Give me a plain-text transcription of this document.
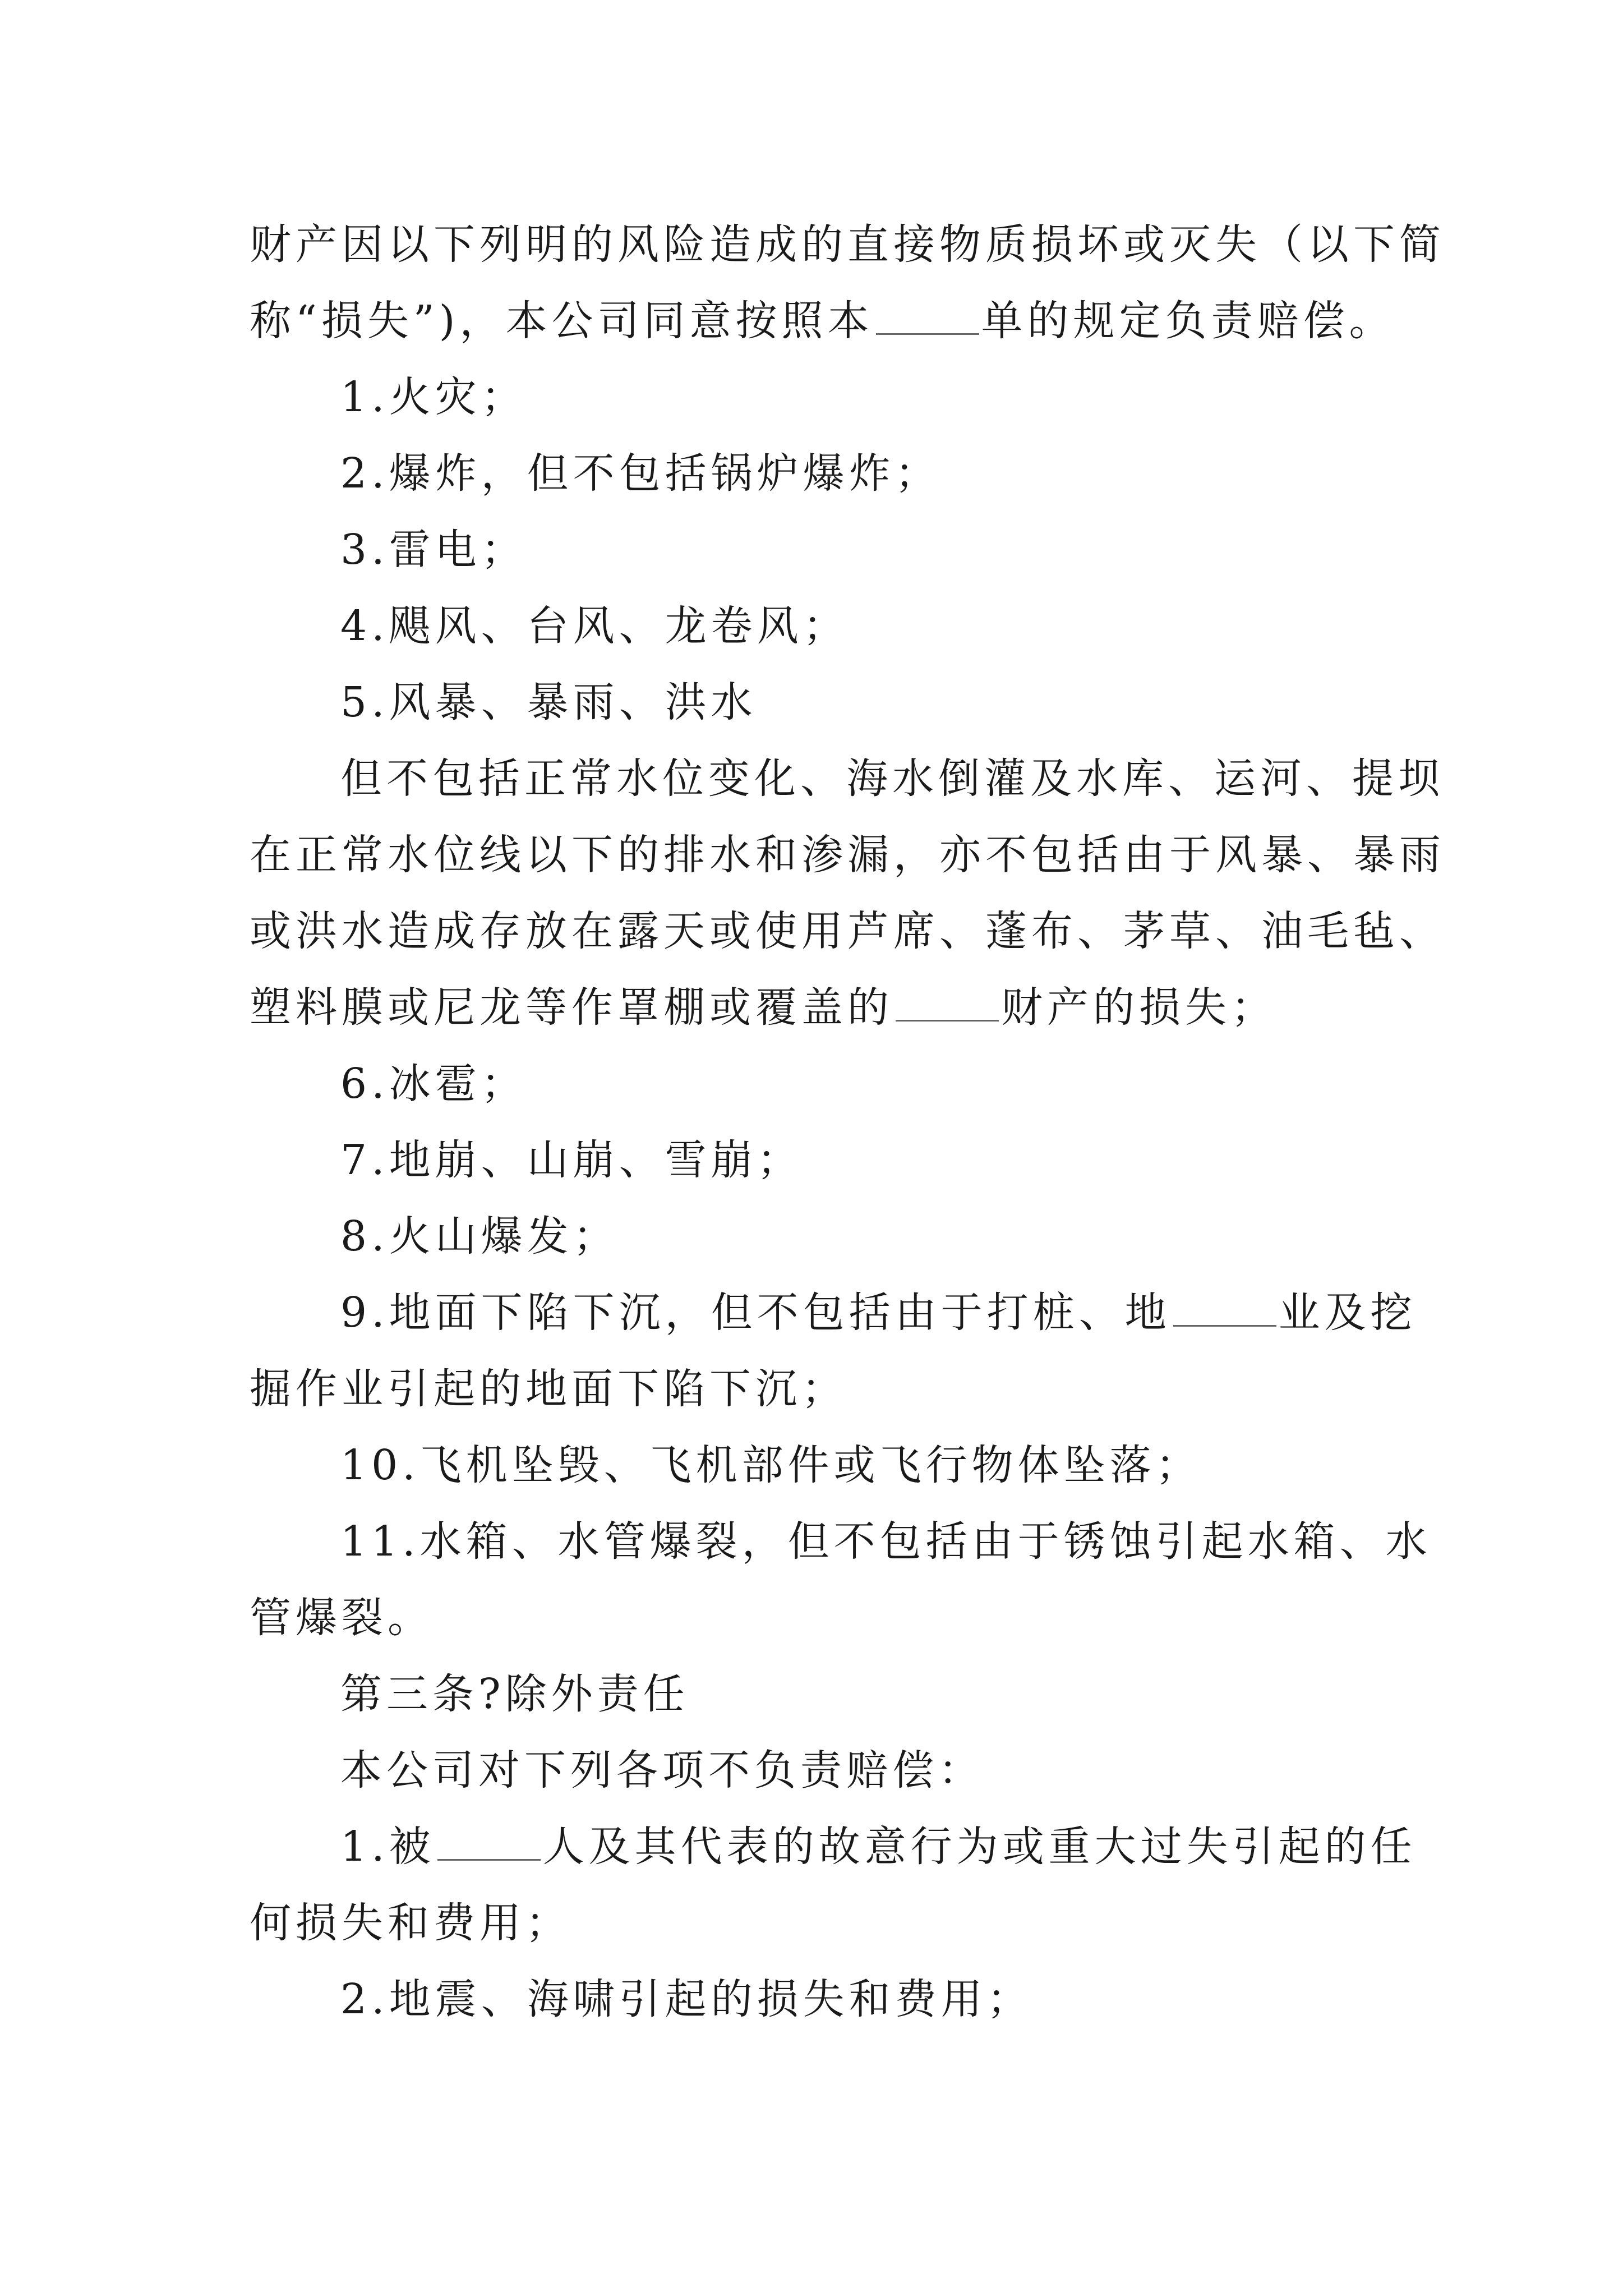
财产因以下列明的风险造成的直接物质损坏或灭失（以下简
称“损失”)，本公司同意按照本	单的规定负责赔偿。
1.火灾；
2.爆炸，但不包括锅炉爆炸；
3.雷电；
4.飓风、台风、龙卷风；
5.风暴、暴雨、洪水
但不包括正常水位变化、海水倒灌及水库、运河、提坝
在正常水位线以下的排水和渗漏，亦不包括由于风暴、暴雨
或洪水造成存放在露天或使用芦席、蓬布、茅草、油毛毡、
塑料膜或尼龙等作罩棚或覆盖的	财产的损失；
6.冰雹；
7.地崩、山崩、雪崩；
8.火山爆发；
9.地面下陷下沉，但不包括由于打桩、地	业及挖
掘作业引起的地面下陷下沉；
10.飞机坠毁、飞机部件或飞行物体坠落；
11.水箱、水管爆裂，但不包括由于锈蚀引起水箱、水
管爆裂。
第三条?除外责任
本公司对下列各项不负责赔偿：
1.被	人及其代表的故意行为或重大过失引起的任
何损失和费用；
2.地震、海啸引起的损失和费用；
